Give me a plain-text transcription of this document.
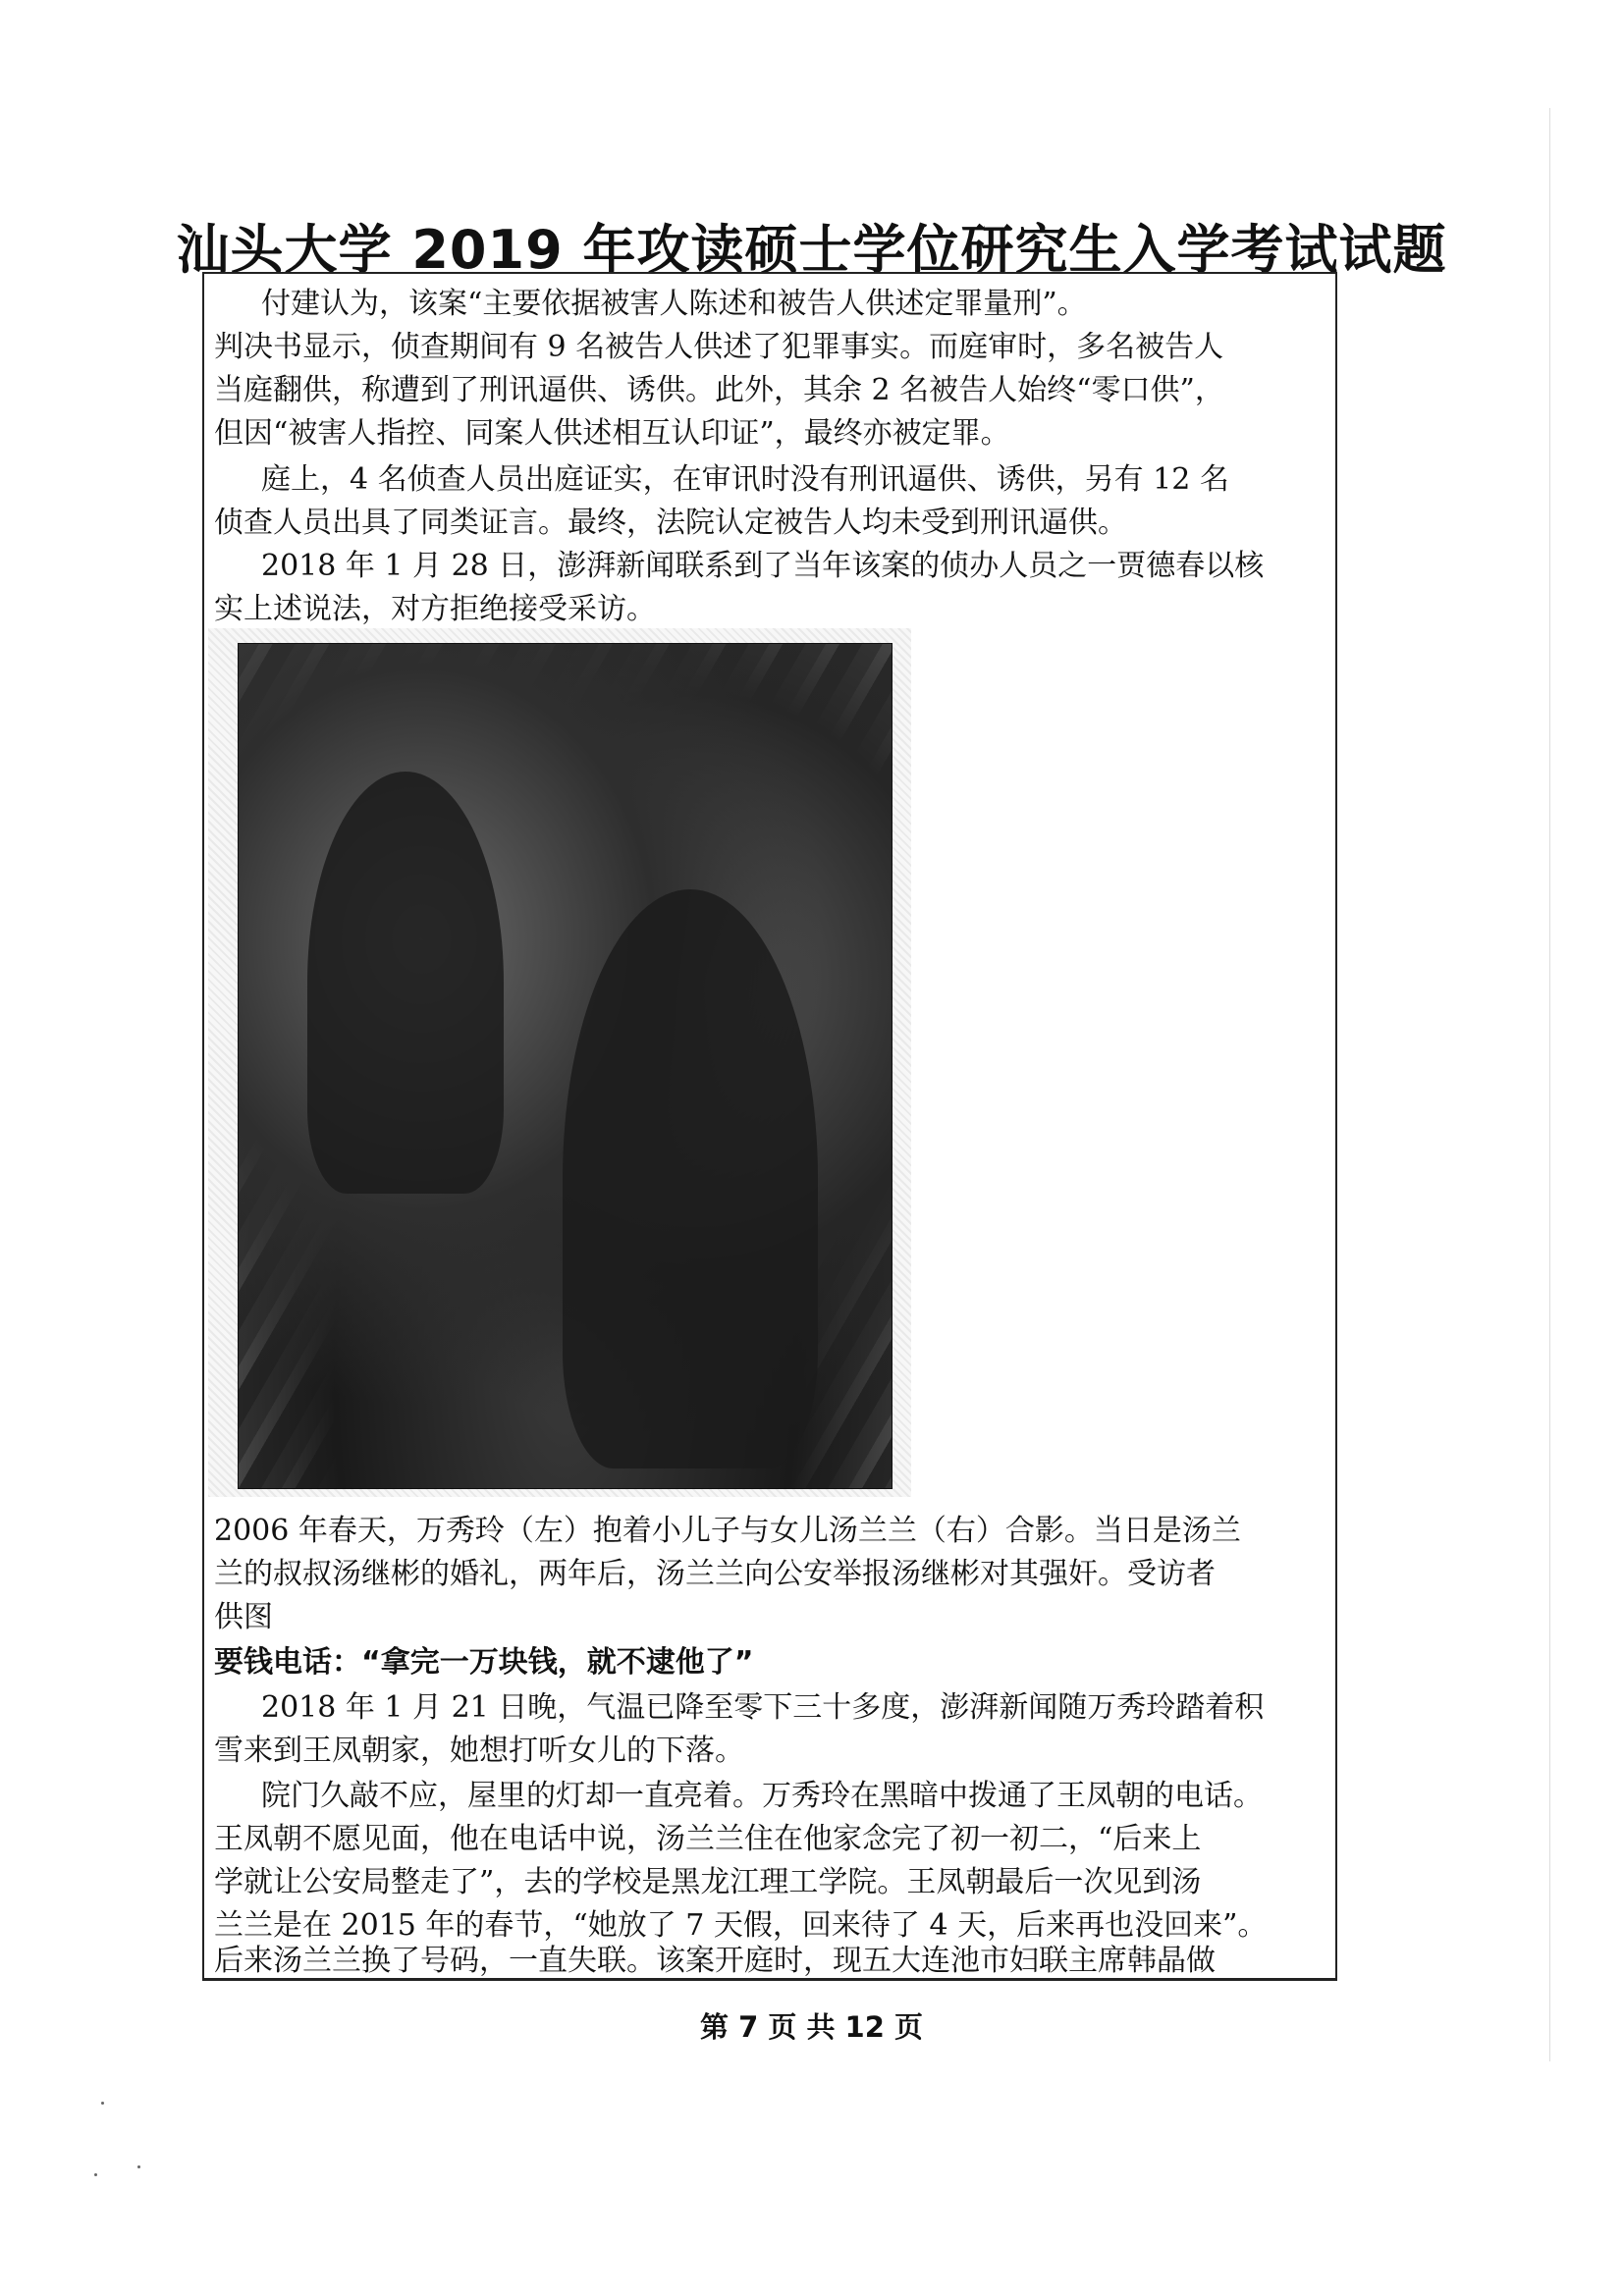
汕头大学 2019 年攻读硕士学位研究生入学考试试题

付建认为，该案“主要依据被害人陈述和被告人供述定罪量刑”。

判决书显示，侦查期间有 9 名被告人供述了犯罪事实。而庭审时，多名被告人

当庭翻供，称遭到了刑讯逼供、诱供。此外，其余 2 名被告人始终“零口供”，

但因“被害人指控、同案人供述相互认印证”，最终亦被定罪。

庭上，4 名侦查人员出庭证实，在审讯时没有刑讯逼供、诱供，另有 12 名

侦查人员出具了同类证言。最终，法院认定被告人均未受到刑讯逼供。

2018 年 1 月 28 日，澎湃新闻联系到了当年该案的侦办人员之一贾德春以核

实上述说法，对方拒绝接受采访。

2006 年春天，万秀玲（左）抱着小儿子与女儿汤兰兰（右）合影。当日是汤兰

兰的叔叔汤继彬的婚礼，两年后，汤兰兰向公安举报汤继彬对其强奸。受访者

供图

要钱电话：“拿完一万块钱，就不逮他了”

2018 年 1 月 21 日晚，气温已降至零下三十多度，澎湃新闻随万秀玲踏着积

雪来到王凤朝家，她想打听女儿的下落。

院门久敲不应，屋里的灯却一直亮着。万秀玲在黑暗中拨通了王凤朝的电话。

王凤朝不愿见面，他在电话中说，汤兰兰住在他家念完了初一初二，“后来上

学就让公安局整走了”，去的学校是黑龙江理工学院。王凤朝最后一次见到汤

兰兰是在 2015 年的春节，“她放了 7 天假，回来待了 4 天，后来再也没回来”。

后来汤兰兰换了号码，一直失联。该案开庭时，现五大连池市妇联主席韩晶做

第 7 页 共 12 页
